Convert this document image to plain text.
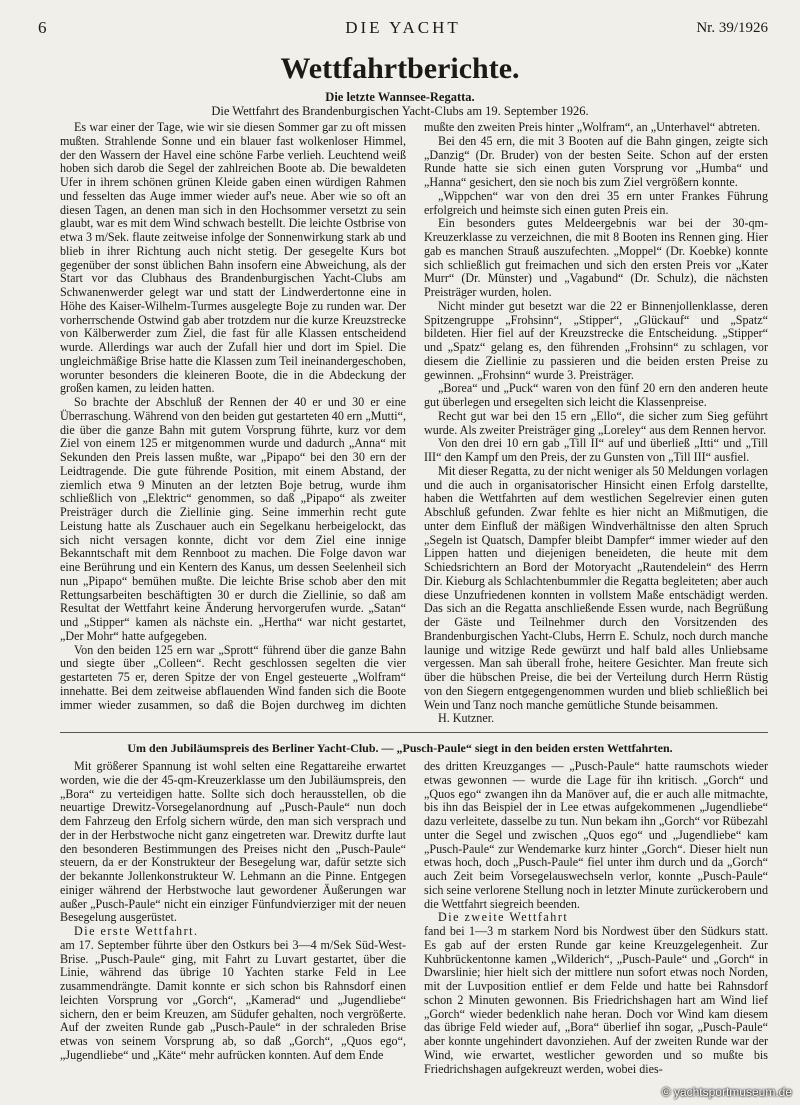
6	DIE YACHT	Nr. 39/1926
Wettfahrtberichte.
Die letzte Wannsee-Regatta.
Die Wettfahrt des Brandenburgischen Yacht-Clubs am 19. September 1926.

Es war einer der Tage, wie wir sie diesen Sommer gar zu oft missen mußten. Strahlende Sonne und ein blauer fast wolkenloser Himmel, der den Wassern der Havel eine schöne Farbe verlieh. Leuchtend weiß hoben sich darob die Segel der zahlreichen Boote ab. Die bewaldeten Ufer in ihrem schönen grünen Kleide gaben einen würdigen Rahmen und fesselten das Auge immer wieder auf's neue. Aber wie so oft an diesen Tagen, an denen man sich in den Hochsommer versetzt zu sein glaubt, war es mit dem Wind schwach bestellt. Die leichte Ostbrise von etwa 3 m/Sek. flaute zeitweise infolge der Sonnenwirkung stark ab und blieb in ihrer Richtung auch nicht stetig. Der gesegelte Kurs bot gegenüber der sonst üblichen Bahn insofern eine Abweichung, als der Start vor das Clubhaus des Brandenburgischen Yacht-Clubs am Schwanenwerder gelegt war und statt der Lindwerdertonne eine in Höhe des Kaiser-Wilhelm-Turmes ausgelegte Boje zu runden war. Der vorherrschende Ostwind gab aber trotzdem nur die kurze Kreuzstrecke von Kälberwerder zum Ziel, die fast für alle Klassen entscheidend wurde. Allerdings war auch der Zufall hier und dort im Spiel. Die ungleichmäßige Brise hatte die Klassen zum Teil ineinandergeschoben, worunter besonders die kleineren Boote, die in die Abdeckung der großen kamen, zu leiden hatten.

So brachte der Abschluß der Rennen der 40 er und 30 er eine Überraschung. Während von den beiden gut gestarteten 40 ern „Mutti“, die über die ganze Bahn mit gutem Vorsprung führte, kurz vor dem Ziel von einem 125 er mitgenommen wurde und dadurch „Anna“ mit Sekunden den Preis lassen mußte, war „Pipapo“ bei den 30 ern der Leidtragende. Die gute führende Position, mit einem Abstand, der ziemlich etwa 9 Minuten an der letzten Boje betrug, wurde ihm schließlich von „Elektric“ genommen, so daß „Pipapo“ als zweiter Preisträger durch die Ziellinie ging. Seine immerhin recht gute Leistung hatte als Zuschauer auch ein Segelkanu herbeigelockt, das sich nicht versagen konnte, dicht vor dem Ziel eine innige Bekanntschaft mit dem Rennboot zu machen. Die Folge davon war eine Berührung und ein Kentern des Kanus, um dessen Seelenheil sich nun „Pipapo“ bemühen mußte. Die leichte Brise schob aber den mit Rettungsarbeiten beschäftigten 30 er durch die Ziellinie, so daß am Resultat der Wettfahrt keine Änderung hervorgerufen wurde. „Satan“ und „Stipper“ kamen als nächste ein. „Hertha“ war nicht gestartet, „Der Mohr“ hatte aufgegeben.

Von den beiden 125 ern war „Sprott“ führend über die ganze Bahn und siegte über „Colleen“. Recht geschlossen segelten die vier gestarteten 75 er, deren Spitze der von Engel gesteuerte „Wolfram“ innehatte. Bei dem zeitweise abflauenden Wind fanden sich die Boote immer wieder zusammen, so daß die Bojen durchweg im dichten

mußte den zweiten Preis hinter „Wolfram“, an „Unterhavel“ abtreten.

Bei den 45 ern, die mit 3 Booten auf die Bahn gingen, zeigte sich „Danzig“ (Dr. Bruder) von der besten Seite. Schon auf der ersten Runde hatte sie sich einen guten Vorsprung vor „Humba“ und „Hanna“ gesichert, den sie noch bis zum Ziel vergrößern konnte.

„Wippchen“ war von den drei 35 ern unter Frankes Führung erfolgreich und heimste sich einen guten Preis ein.

Ein besonders gutes Meldeergebnis war bei der 30-qm-Kreuzerklasse zu verzeichnen, die mit 8 Booten ins Rennen ging. Hier gab es manchen Strauß auszufechten. „Moppel“ (Dr. Koebke) konnte sich schließlich gut freimachen und sich den ersten Preis vor „Kater Murr“ (Dr. Münster) und „Vagabund“ (Dr. Schulz), die nächsten Preisträger wurden, holen.

Nicht minder gut besetzt war die 22 er Binnenjollenklasse, deren Spitzengruppe „Frohsinn“, „Stipper“, „Glückauf“ und „Spatz“ bildeten. Hier fiel auf der Kreuzstrecke die Entscheidung. „Stipper“ und „Spatz“ gelang es, den führenden „Frohsinn“ zu schlagen, vor diesem die Ziellinie zu passieren und die beiden ersten Preise zu gewinnen. „Frohsinn“ wurde 3. Preisträger.

„Borea“ und „Puck“ waren von den fünf 20 ern den anderen heute gut überlegen und ersegelten sich leicht die Klassenpreise.

Recht gut war bei den 15 ern „Ello“, die sicher zum Sieg geführt wurde. Als zweiter Preisträger ging „Loreley“ aus dem Rennen hervor.

Von den drei 10 ern gab „Till II“ auf und überließ „Itti“ und „Till III“ den Kampf um den Preis, der zu Gunsten von „Till III“ ausfiel.

Mit dieser Regatta, zu der nicht weniger als 50 Meldungen vorlagen und die auch in organisatorischer Hinsicht einen Erfolg darstellte, haben die Wettfahrten auf dem westlichen Segelrevier einen guten Abschluß gefunden. Zwar fehlte es hier nicht an Mißmutigen, die unter dem Einfluß der mäßigen Windverhältnisse den alten Spruch „Segeln ist Quatsch, Dampfer bleibt Dampfer“ immer wieder auf den Lippen hatten und diejenigen beneideten, die heute mit dem Schiedsrichtern an Bord der Motoryacht „Rautendelein“ des Herrn Dir. Kieburg als Schlachtenbummler die Regatta begleiteten; aber auch diese Unzufriedenen konnten in vollstem Maße entschädigt werden. Das sich an die Regatta anschließende Essen wurde, nach Begrüßung der Gäste und Teilnehmer durch den Vorsitzenden des Brandenburgischen Yacht-Clubs, Herrn E. Schulz, noch durch manche launige und witzige Rede gewürzt und half bald alles Unliebsame vergessen. Man sah überall frohe, heitere Gesichter. Man freute sich über die hübschen Preise, die bei der Verteilung durch Herrn Rüstig von den Siegern entgegengenommen wurden und blieb schließlich bei Wein und Tanz noch manche gemütliche Stunde beisammen.

H. Kutzner.

Um den Jubiläumspreis des Berliner Yacht-Club. — „Pusch-Paule“ siegt in den beiden ersten Wettfahrten.

Mit größerer Spannung ist wohl selten eine Regattareihe erwartet worden, wie die der 45-qm-Kreuzerklasse um den Jubiläumspreis, den „Bora“ zu verteidigen hatte. Sollte sich doch herausstellen, ob die neuartige Drewitz-Vorsegelanordnung auf „Pusch-Paule“ nun doch dem Fahrzeug den Erfolg sichern würde, den man sich versprach und der in der Herbstwoche nicht ganz eingetreten war. Drewitz durfte laut den besonderen Bestimmungen des Preises nicht den „Pusch-Paule“ steuern, da er der Konstrukteur der Besegelung war, dafür setzte sich der bekannte Jollenkonstrukteur W. Lehmann an die Pinne. Entgegen einiger während der Herbstwoche laut gewordener Äußerungen war außer „Pusch-Paule“ nicht ein einziger Fünfundvierziger mit der neuen Besegelung ausgerüstet.

Die erste Wettfahrt.

am 17. September führte über den Ostkurs bei 3—4 m/Sek Süd-West-Brise. „Pusch-Paule“ ging, mit Fahrt zu Luvart gestartet, über die Linie, während das übrige 10 Yachten starke Feld in Lee zusammendrängte. Damit konnte er sich schon bis Rahnsdorf einen leichten Vorsprung vor „Gorch“, „Kamerad“ und „Jugendliebe“ sichern, den er beim Kreuzen, am Südufer gehalten, noch vergrößerte. Auf der zweiten Runde gab „Pusch-Paule“ in der schraleden Brise etwas von seinem Vorsprung ab, so daß „Gorch“, „Quos ego“, „Jugendliebe“ und „Käte“ mehr aufrücken konnten. Auf dem Ende

des dritten Kreuzganges — „Pusch-Paule“ hatte raumschots wieder etwas gewonnen — wurde die Lage für ihn kritisch. „Gorch“ und „Quos ego“ zwangen ihn da Manöver auf, die er auch alle mitmachte, bis ihn das Beispiel der in Lee etwas aufgekommenen „Jugendliebe“ dazu verleitete, dasselbe zu tun. Nun bekam ihn „Gorch“ vor Rübezahl unter die Segel und zwischen „Quos ego“ und „Jugendliebe“ kam „Pusch-Paule“ zur Wendemarke kurz hinter „Gorch“. Dieser hielt nun etwas hoch, doch „Pusch-Paule“ fiel unter ihm durch und da „Gorch“ auch Zeit beim Vorsegelauswechseln verlor, konnte „Pusch-Paule“ sich seine verlorene Stellung noch in letzter Minute zurückerobern und die Wettfahrt siegreich beenden.

Die zweite Wettfahrt

fand bei 1—3 m starkem Nord bis Nordwest über den Südkurs statt. Es gab auf der ersten Runde gar keine Kreuzgelegenheit. Zur Kuhbrückentonne kamen „Wilderich“, „Pusch-Paule“ und „Gorch“ in Dwarslinie; hier hielt sich der mittlere nun sofort etwas noch Norden, mit der Luvposition entlief er dem Felde und hatte bei Rahnsdorf schon 2 Minuten gewonnen. Bis Friedrichshagen hart am Wind lief „Gorch“ wieder bedenklich nahe heran. Doch vor Wind kam diesem das übrige Feld wieder auf, „Bora“ überlief ihn sogar, „Pusch-Paule“ aber konnte ungehindert davonziehen. Auf der zweiten Runde war der Wind, wie erwartet, westlicher geworden und so mußte bis Friedrichshagen aufgekreuzt werden, wobei dies-

© yachtsportmuseum.de
